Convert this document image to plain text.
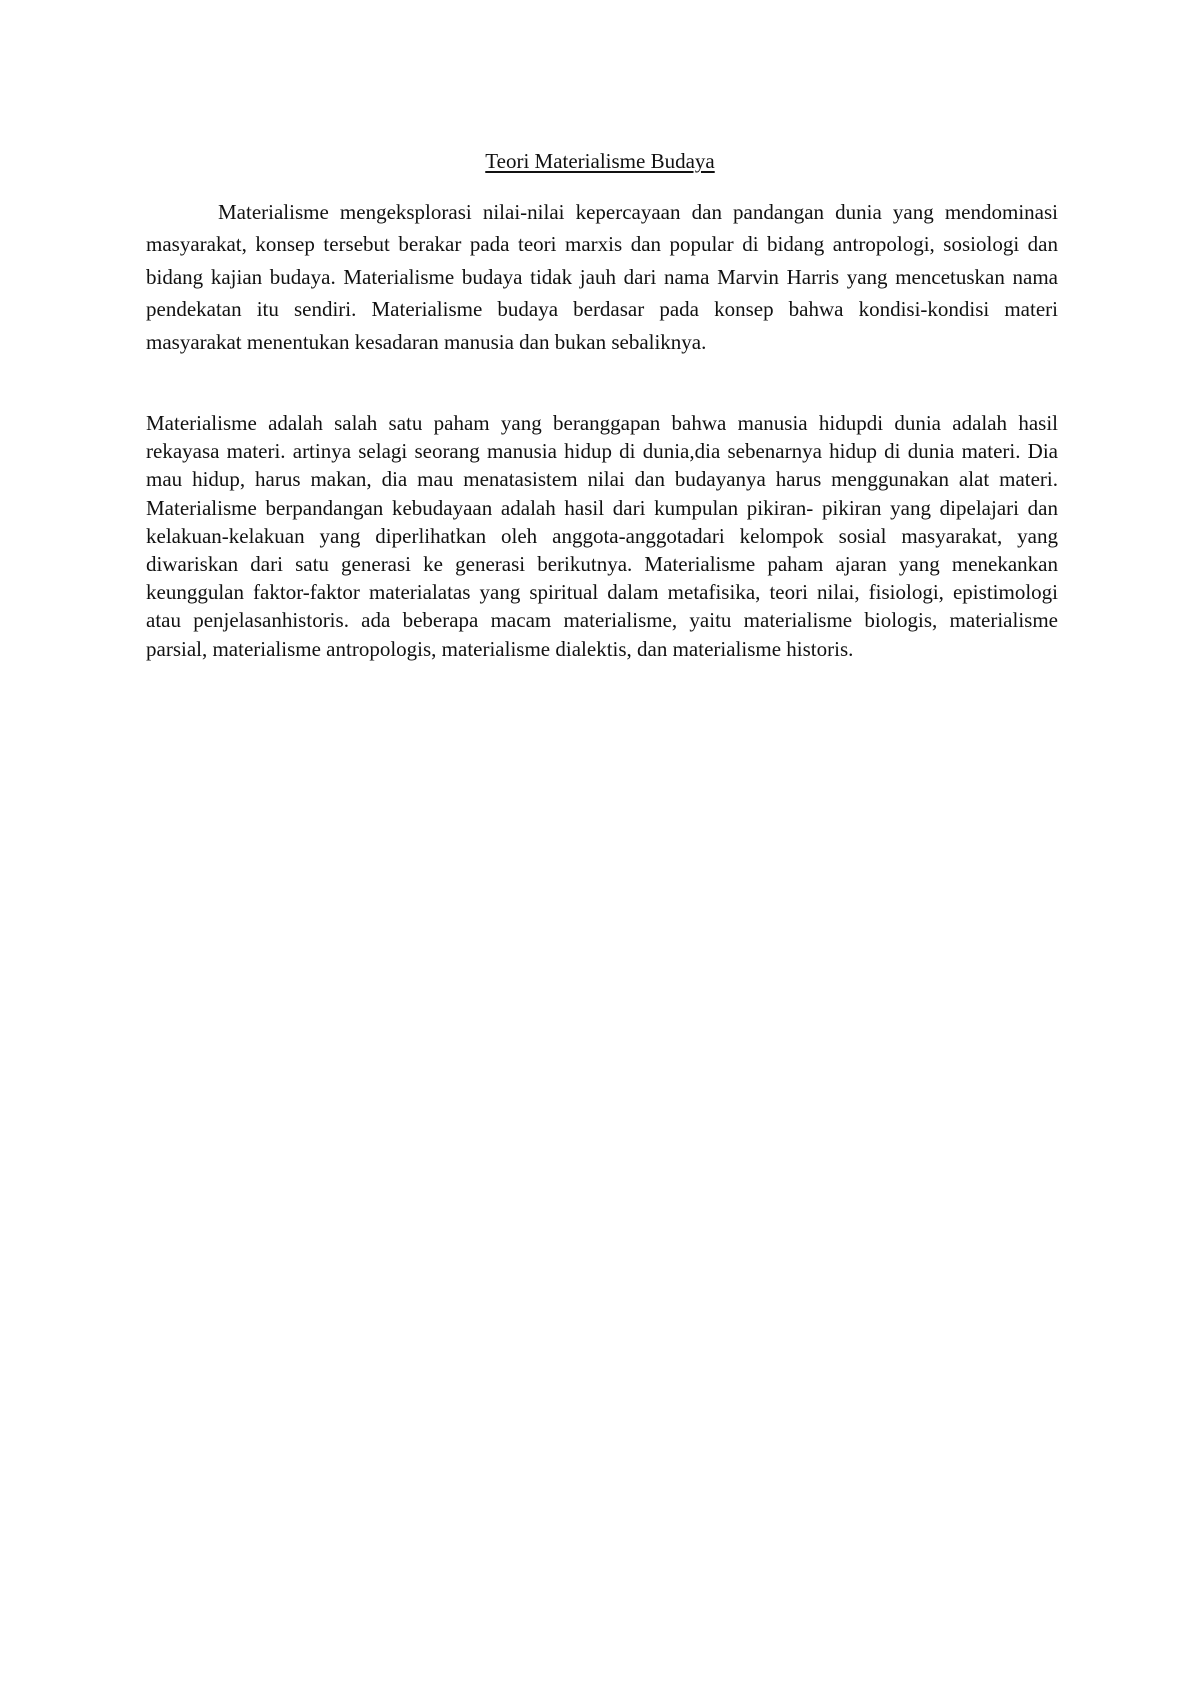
Teori Materialisme Budaya

Materialisme mengeksplorasi nilai-nilai kepercayaan dan pandangan dunia yang mendominasi masyarakat, konsep tersebut berakar pada teori marxis dan popular di bidang antropologi, sosiologi dan bidang kajian budaya. Materialisme budaya tidak jauh dari nama Marvin Harris yang mencetuskan nama pendekatan itu sendiri. Materialisme budaya berdasar pada konsep bahwa kondisi-kondisi materi masyarakat menentukan kesadaran manusia dan bukan sebaliknya.

Materialisme adalah salah satu paham yang beranggapan bahwa manusia hidupdi dunia adalah hasil rekayasa materi. artinya selagi seorang manusia hidup di dunia,dia sebenarnya hidup di dunia materi. Dia mau hidup, harus makan, dia mau menatasistem nilai dan budayanya harus menggunakan alat materi. Materialisme berpandangan kebudayaan adalah hasil dari kumpulan pikiran- pikiran yang dipelajari dan kelakuan-kelakuan yang diperlihatkan oleh anggota-anggotadari kelompok sosial masyarakat, yang diwariskan dari satu generasi ke generasi berikutnya. Materialisme paham ajaran yang menekankan keunggulan faktor-faktor materialatas yang spiritual dalam metafisika, teori nilai, fisiologi, epistimologi atau penjelasanhistoris. ada beberapa macam materialisme, yaitu materialisme biologis, materialisme parsial, materialisme antropologis, materialisme dialektis, dan materialisme historis.
